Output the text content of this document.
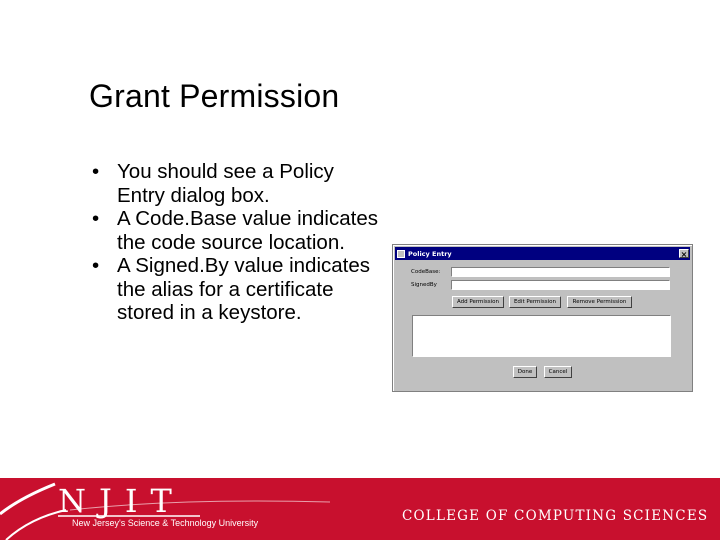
Grant Permission
• You should see a Policy Entry dialog box.
• A Code.Base value indicates the code source location.
• A Signed.By value indicates the alias for a certificate stored in a keystore.
Policy Entry	×
CodeBase:
SignedBy
Add Permission	Edit Permission	Remove Permission
Done	Cancel
NJIT
New Jersey's Science & Technology University	COLLEGE OF COMPUTING SCIENCES
